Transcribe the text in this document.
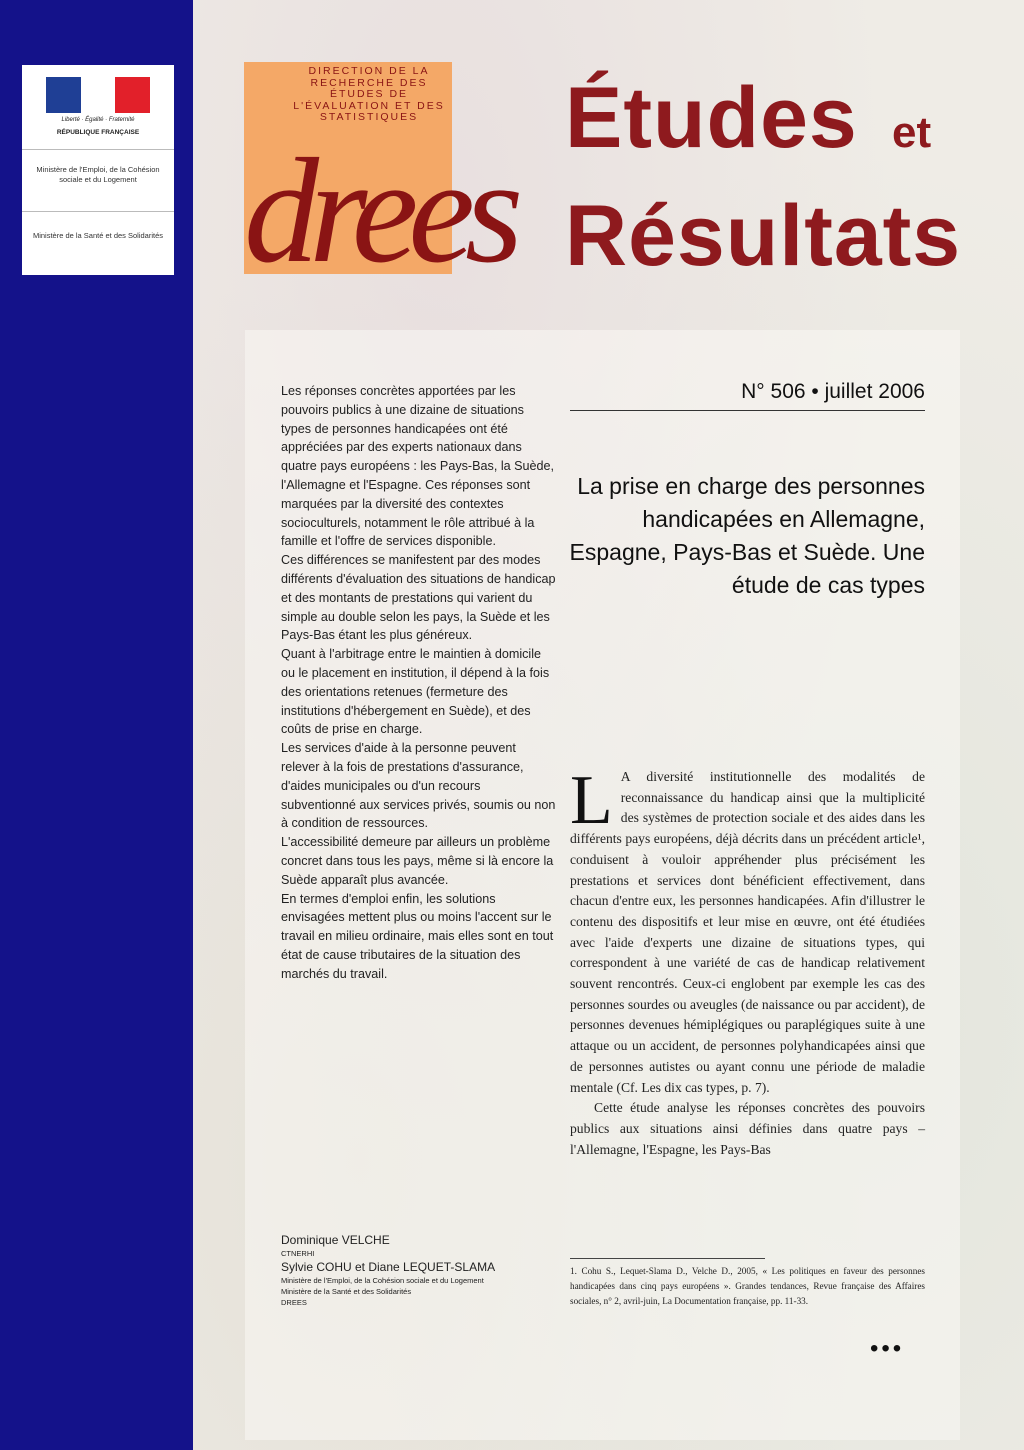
Liberté · Égalité · Fraternité
RÉPUBLIQUE FRANÇAISE
Ministère de l'Emploi, de la Cohésion sociale et du Logement
Ministère de la Santé et des Solidarités
DIRECTION DE LA RECHERCHE DES ÉTUDES DE L'ÉVALUATION ET DES STATISTIQUES
drees
Études et
Résultats

Les réponses concrètes apportées par les pouvoirs publics à une dizaine de situations types de personnes handicapées ont été appréciées par des experts nationaux dans quatre pays européens : les Pays-Bas, la Suède, l'Allemagne et l'Espagne. Ces réponses sont marquées par la diversité des contextes socioculturels, notamment le rôle attribué à la famille et l'offre de services disponible.

Ces différences se manifestent par des modes différents d'évaluation des situations de handicap et des montants de prestations qui varient du simple au double selon les pays, la Suède et les Pays-Bas étant les plus généreux.

Quant à l'arbitrage entre le maintien à domicile ou le placement en institution, il dépend à la fois des orientations retenues (fermeture des institutions d'hébergement en Suède), et des coûts de prise en charge.

Les services d'aide à la personne peuvent relever à la fois de prestations d'assurance, d'aides municipales ou d'un recours subventionné aux services privés, soumis ou non à condition de ressources.

L'accessibilité demeure par ailleurs un problème concret dans tous les pays, même si là encore la Suède apparaît plus avancée.

En termes d'emploi enfin, les solutions envisagées mettent plus ou moins l'accent sur le travail en milieu ordinaire, mais elles sont en tout état de cause tributaires de la situation des marchés du travail.

Dominique VELCHE
CTNERHI
Sylvie COHU et Diane LEQUET-SLAMA
Ministère de l'Emploi, de la Cohésion sociale et du Logement
Ministère de la Santé et des Solidarités
DREES
N° 506 • juillet 2006
La prise en charge des personnes handicapées en Allemagne, Espagne, Pays-Bas et Suède. Une étude de cas types

L A diversité institutionnelle des modalités de reconnaissance du handicap ainsi que la multiplicité des systèmes de protection sociale et des aides dans les différents pays européens, déjà décrits dans un précédent article¹, conduisent à vouloir appréhender plus précisément les prestations et services dont bénéficient effectivement, dans chacun d'entre eux, les personnes handicapées. Afin d'illustrer le contenu des dispositifs et leur mise en œuvre, ont été étudiées avec l'aide d'experts une dizaine de situations types, qui correspondent à une variété de cas de handicap relativement souvent rencontrés. Ceux-ci englobent par exemple les cas des personnes sourdes ou aveugles (de naissance ou par accident), de personnes devenues hémiplégiques ou paraplégiques suite à une attaque ou un accident, de personnes polyhandicapées ainsi que de personnes autistes ou ayant connu une période de maladie mentale (Cf. Les dix cas types, p. 7).

Cette étude analyse les réponses concrètes des pouvoirs publics aux situations ainsi définies dans quatre pays – l'Allemagne, l'Espagne, les Pays-Bas

1. Cohu S., Lequet-Slama D., Velche D., 2005, « Les politiques en faveur des personnes handicapées dans cinq pays européens ». Grandes tendances, Revue française des Affaires sociales, n° 2, avril-juin, La Documentation française, pp. 11-33.
•••
